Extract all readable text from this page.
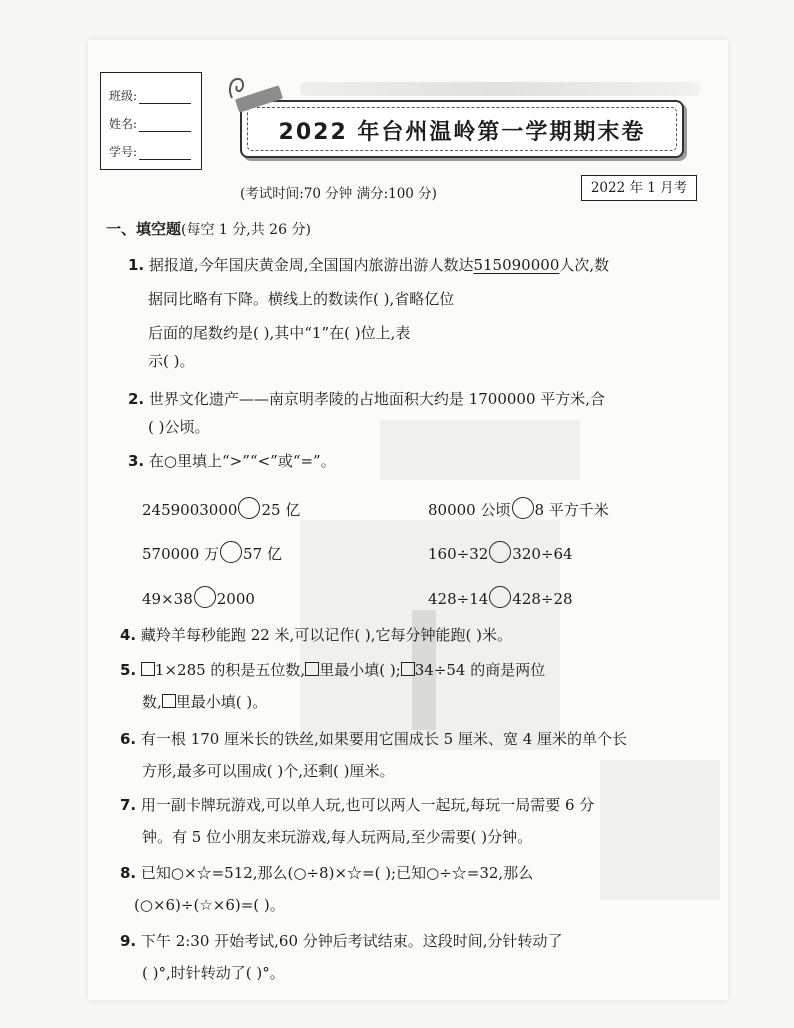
班级:
姓名:
学号:
2022 年台州温岭第一学期期末卷
(考试时间:70 分钟 满分:100 分)	2022 年 1 月考
一、填空题(每空 1 分,共 26 分)
1. 据报道,今年国庆黄金周,全国国内旅游出游人数达515090000人次,数
据同比略有下降。横线上的数读作( ),省略亿位
后面的尾数约是( ),其中“1”在( )位上,表
示( )。
2. 世界文化遗产——南京明孝陵的占地面积大约是 1700000 平方米,合
( )公顷。
3. 在○里填上“>”“<”或“=”。
2459003000 25 亿	80000 公顷 8 平方千米
570000 万 57 亿	160÷32 320÷64
49×38 2000	428÷14 428÷28
4. 藏羚羊每秒能跑 22 米,可以记作( ),它每分钟能跑( )米。
5. 1×285 的积是五位数, 里最小填( ); 34÷54 的商是两位
数, 里最小填( )。
6. 有一根 170 厘米长的铁丝,如果要用它围成长 5 厘米、宽 4 厘米的单个长
方形,最多可以围成( )个,还剩( )厘米。
7. 用一副卡牌玩游戏,可以单人玩,也可以两人一起玩,每玩一局需要 6 分
钟。有 5 位小朋友来玩游戏,每人玩两局,至少需要( )分钟。
8. 已知○×☆=512,那么(○÷8)×☆=( );已知○÷☆=32,那么
(○×6)÷(☆×6)=( )。
9. 下午 2:30 开始考试,60 分钟后考试结束。这段时间,分针转动了
( )°,时针转动了( )°。
